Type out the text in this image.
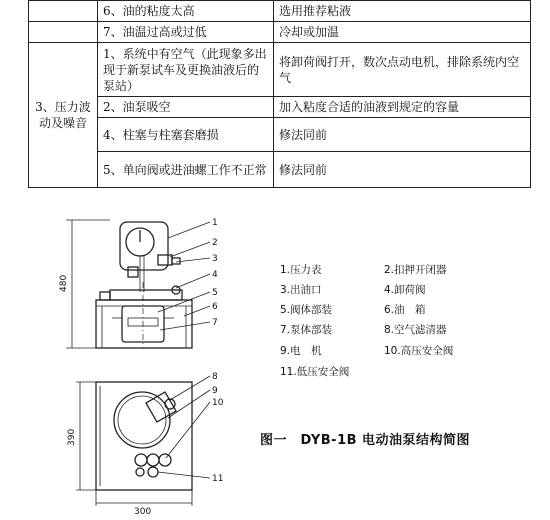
	6、油的粘度太高	选用推荐粘液
	7、油温过高或过低	冷却或加温
3、压力波动及噪音	1、系统中有空气（此现象多出现于新泵试车及更换油液后的泵站）	将卸荷阀打开，数次点动电机，排除系统内空气
	2、油泵吸空	加入粘度合适的油液到规定的容量
	4、柱塞与柱塞套磨损	修法同前
	5、单向阀或进油螺工作不正常	修法同前
480
1
2
3
4
5
6
7
390
300
8
9
10
11
1.压力表	2.扣押开闭器
3.出油口	4.卸荷阀
5.阀体部装	6.油　箱
7.泵体部装	8.空气滤清器
9.电　机	10.高压安全阀
11.低压安全阀
图一　DYB-1B 电动油泵结构简图
